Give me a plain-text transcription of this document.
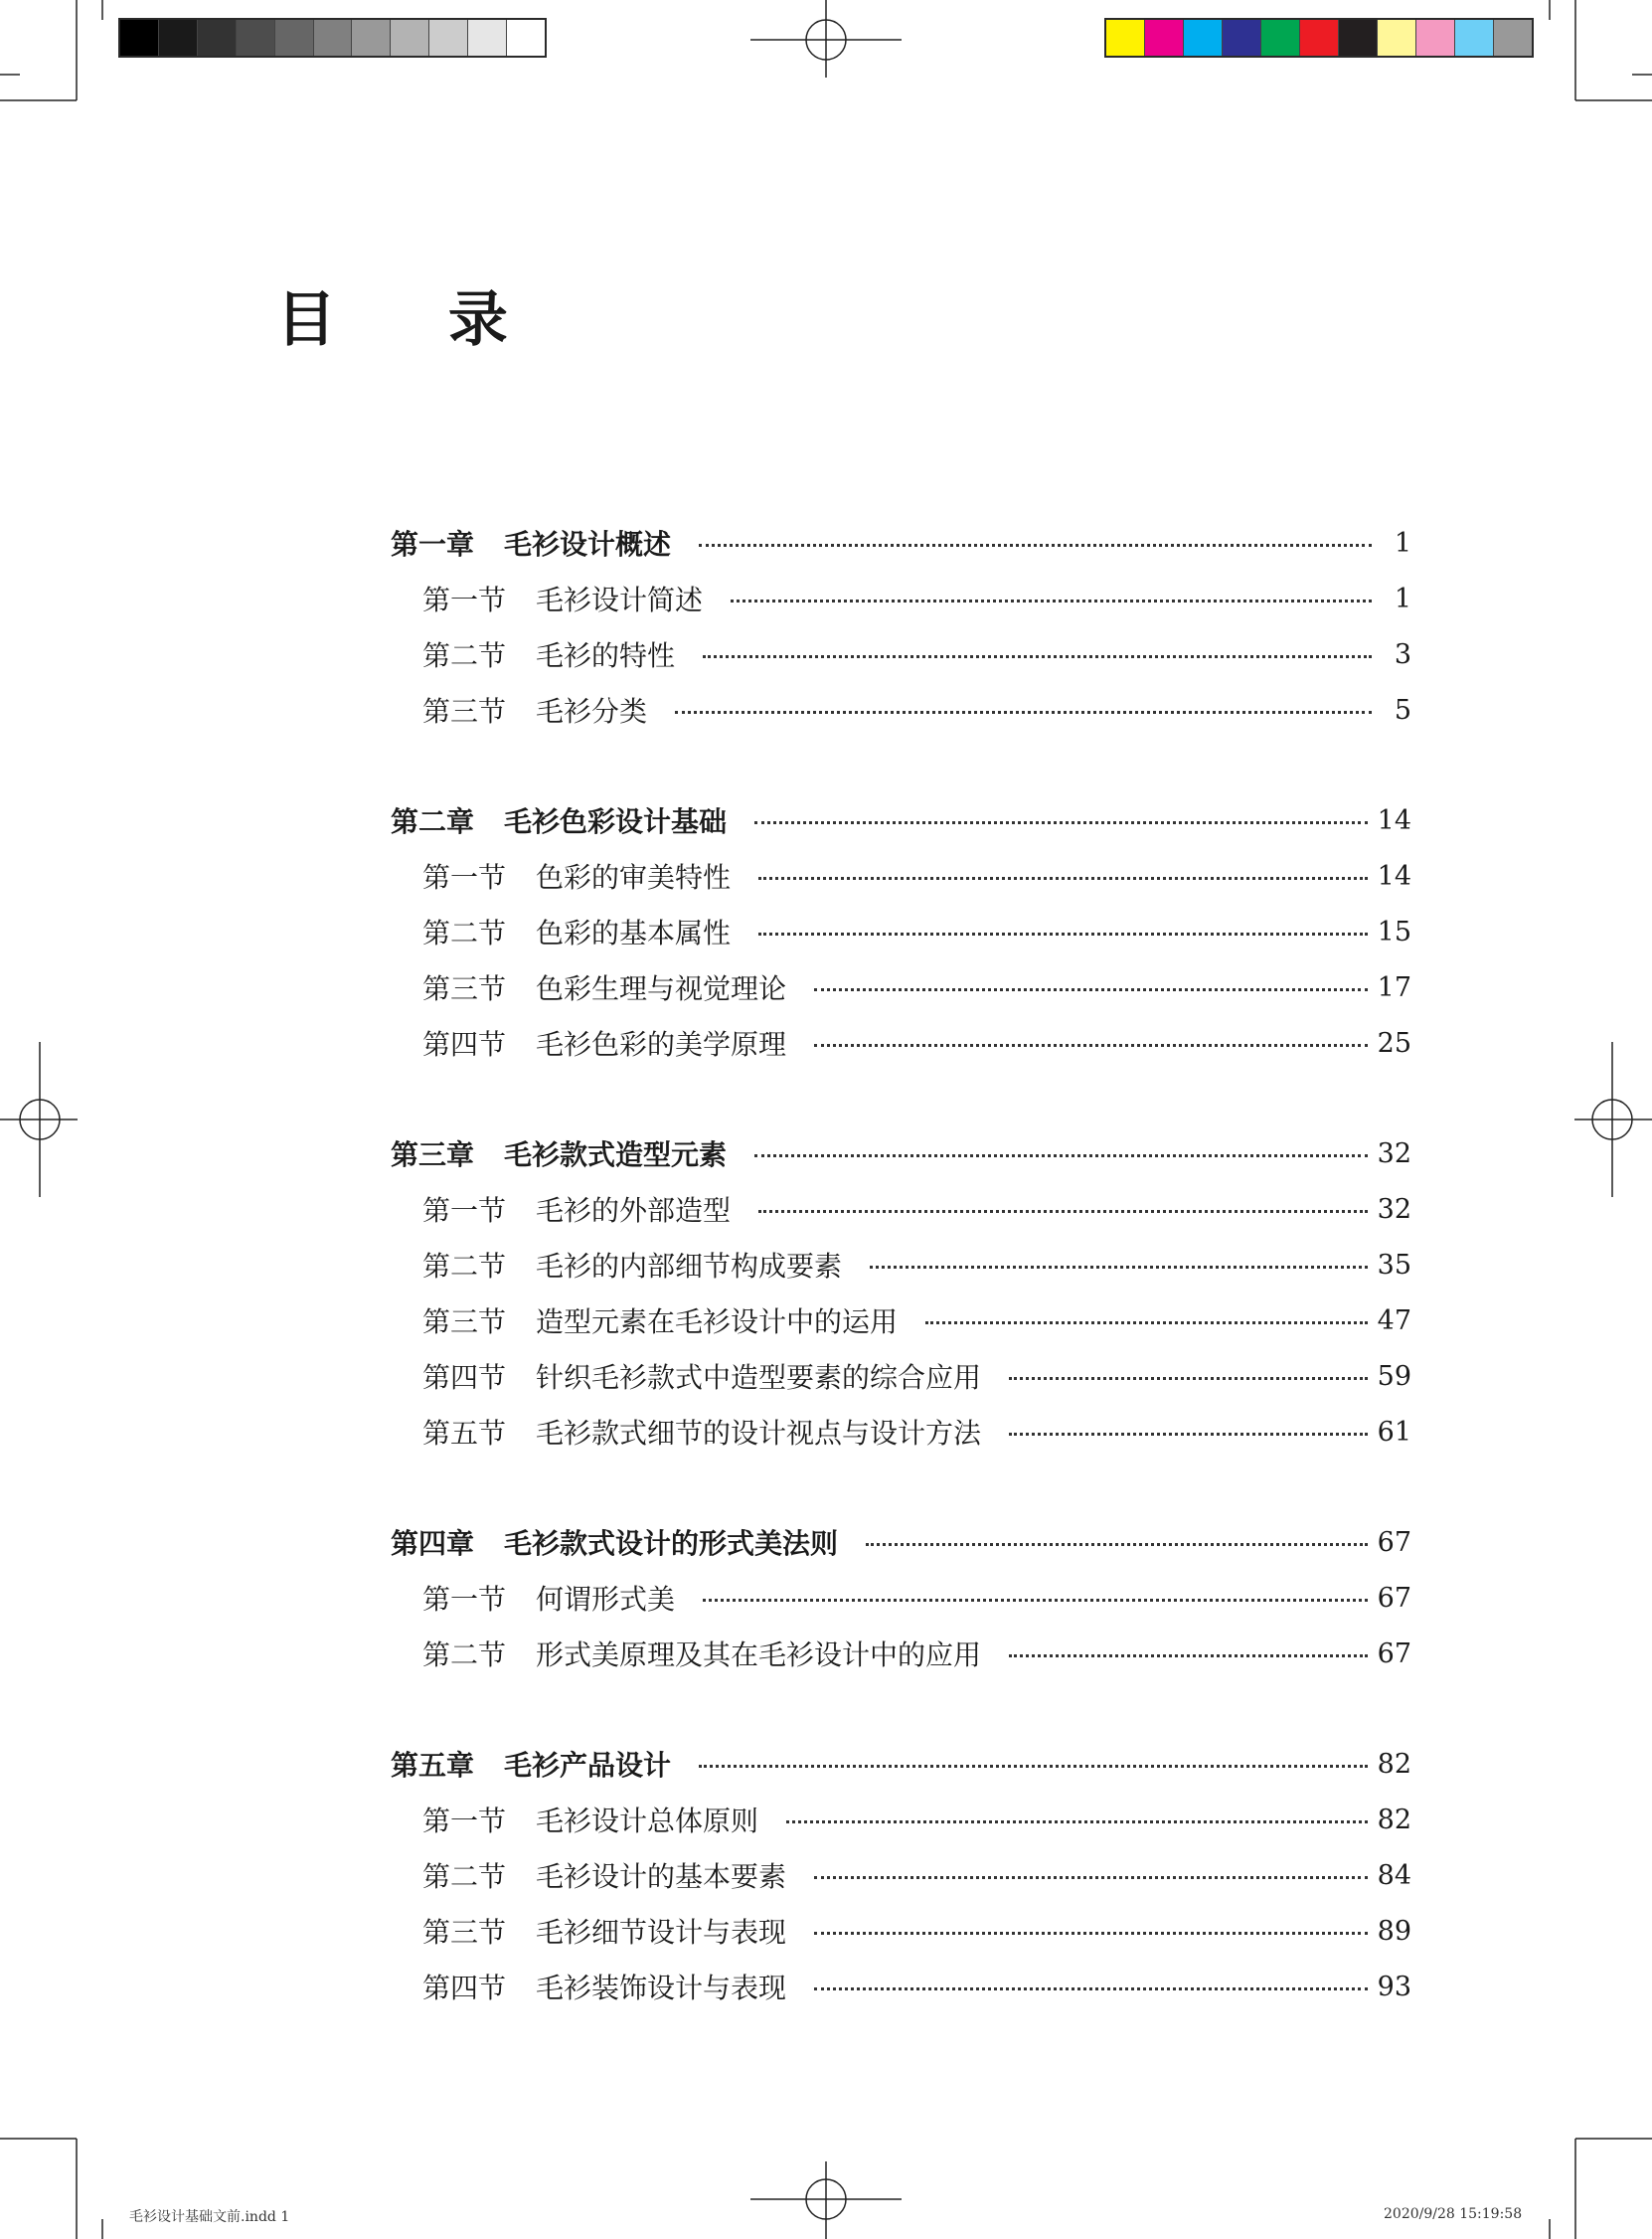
目 录
第一章 毛衫设计概述	1
第一节 毛衫设计简述	1
第二节 毛衫的特性	3
第三节 毛衫分类	5
第二章 毛衫色彩设计基础	14
第一节 色彩的审美特性	14
第二节 色彩的基本属性	15
第三节 色彩生理与视觉理论	17
第四节 毛衫色彩的美学原理	25
第三章 毛衫款式造型元素	32
第一节 毛衫的外部造型	32
第二节 毛衫的内部细节构成要素	35
第三节 造型元素在毛衫设计中的运用	47
第四节 针织毛衫款式中造型要素的综合应用	59
第五节 毛衫款式细节的设计视点与设计方法	61
第四章 毛衫款式设计的形式美法则	67
第一节 何谓形式美	67
第二节 形式美原理及其在毛衫设计中的应用	67
第五章 毛衫产品设计	82
第一节 毛衫设计总体原则	82
第二节 毛衫设计的基本要素	84
第三节 毛衫细节设计与表现	89
第四节 毛衫装饰设计与表现	93
毛衫设计基础文前.indd 1	2020/9/28 15:19:58
